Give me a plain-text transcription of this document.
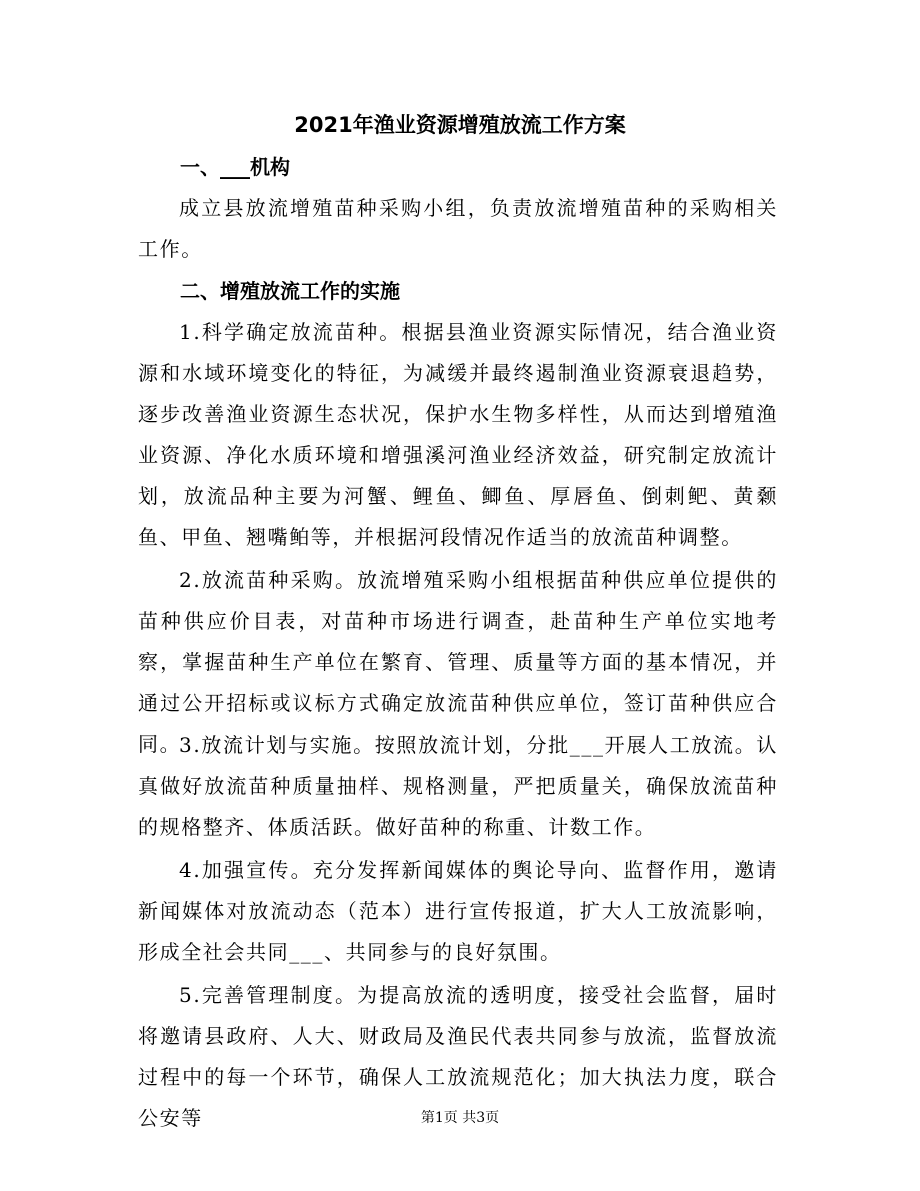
2021年渔业资源增殖放流工作方案
一、___机构
成立县放流增殖苗种采购小组，负责放流增殖苗种的采购相关工作。
二、增殖放流工作的实施
1.科学确定放流苗种。根据县渔业资源实际情况，结合渔业资源和水域环境变化的特征，为减缓并最终遏制渔业资源衰退趋势，逐步改善渔业资源生态状况，保护水生物多样性，从而达到增殖渔业资源、净化水质环境和增强溪河渔业经济效益，研究制定放流计划，放流品种主要为河蟹、鲤鱼、鲫鱼、厚唇鱼、倒刺鲃、黄颡鱼、甲鱼、翘嘴鲌等，并根据河段情况作适当的放流苗种调整。
2.放流苗种采购。放流增殖采购小组根据苗种供应单位提供的苗种供应价目表，对苗种市场进行调查，赴苗种生产单位实地考察，掌握苗种生产单位在繁育、管理、质量等方面的基本情况，并通过公开招标或议标方式确定放流苗种供应单位，签订苗种供应合同。
3.放流计划与实施。按照放流计划，分批___开展人工放流。认真做好放流苗种质量抽样、规格测量，严把质量关，确保放流苗种的规格整齐、体质活跃。做好苗种的称重、计数工作。
4.加强宣传。充分发挥新闻媒体的舆论导向、监督作用，邀请新闻媒体对放流动态（范本）进行宣传报道，扩大人工放流影响，形成全社会共同___、共同参与的良好氛围。
5.完善管理制度。为提高放流的透明度，接受社会监督，届时将邀请县政府、人大、财政局及渔民代表共同参与放流，监督放流过程中的每一个环节，确保人工放流规范化；加大执法力度，联合公安等	第1页 共3页
